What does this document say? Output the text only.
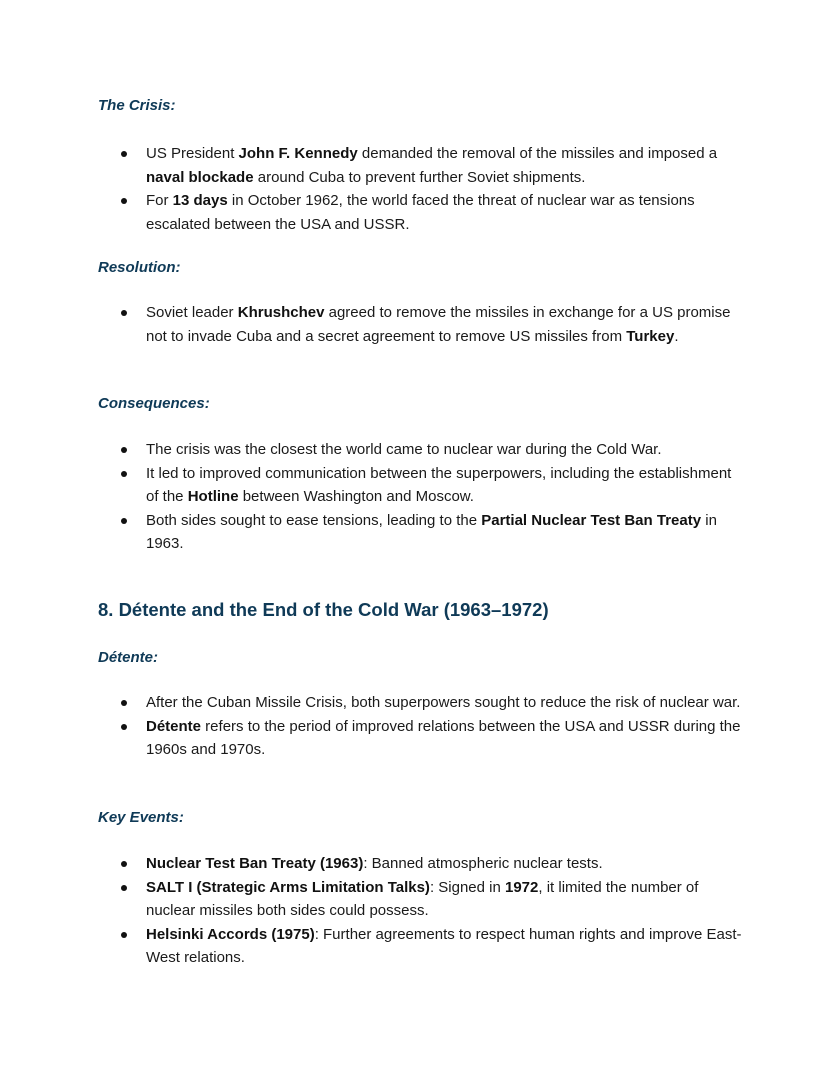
The Crisis:
US President John F. Kennedy demanded the removal of the missiles and imposed a naval blockade around Cuba to prevent further Soviet shipments.
For 13 days in October 1962, the world faced the threat of nuclear war as tensions escalated between the USA and USSR.
Resolution:
Soviet leader Khrushchev agreed to remove the missiles in exchange for a US promise not to invade Cuba and a secret agreement to remove US missiles from Turkey.
Consequences:
The crisis was the closest the world came to nuclear war during the Cold War.
It led to improved communication between the superpowers, including the establishment of the Hotline between Washington and Moscow.
Both sides sought to ease tensions, leading to the Partial Nuclear Test Ban Treaty in 1963.
8. Détente and the End of the Cold War (1963–1972)
Détente:
After the Cuban Missile Crisis, both superpowers sought to reduce the risk of nuclear war.
Détente refers to the period of improved relations between the USA and USSR during the 1960s and 1970s.
Key Events:
Nuclear Test Ban Treaty (1963): Banned atmospheric nuclear tests.
SALT I (Strategic Arms Limitation Talks): Signed in 1972, it limited the number of nuclear missiles both sides could possess.
Helsinki Accords (1975): Further agreements to respect human rights and improve East-West relations.
